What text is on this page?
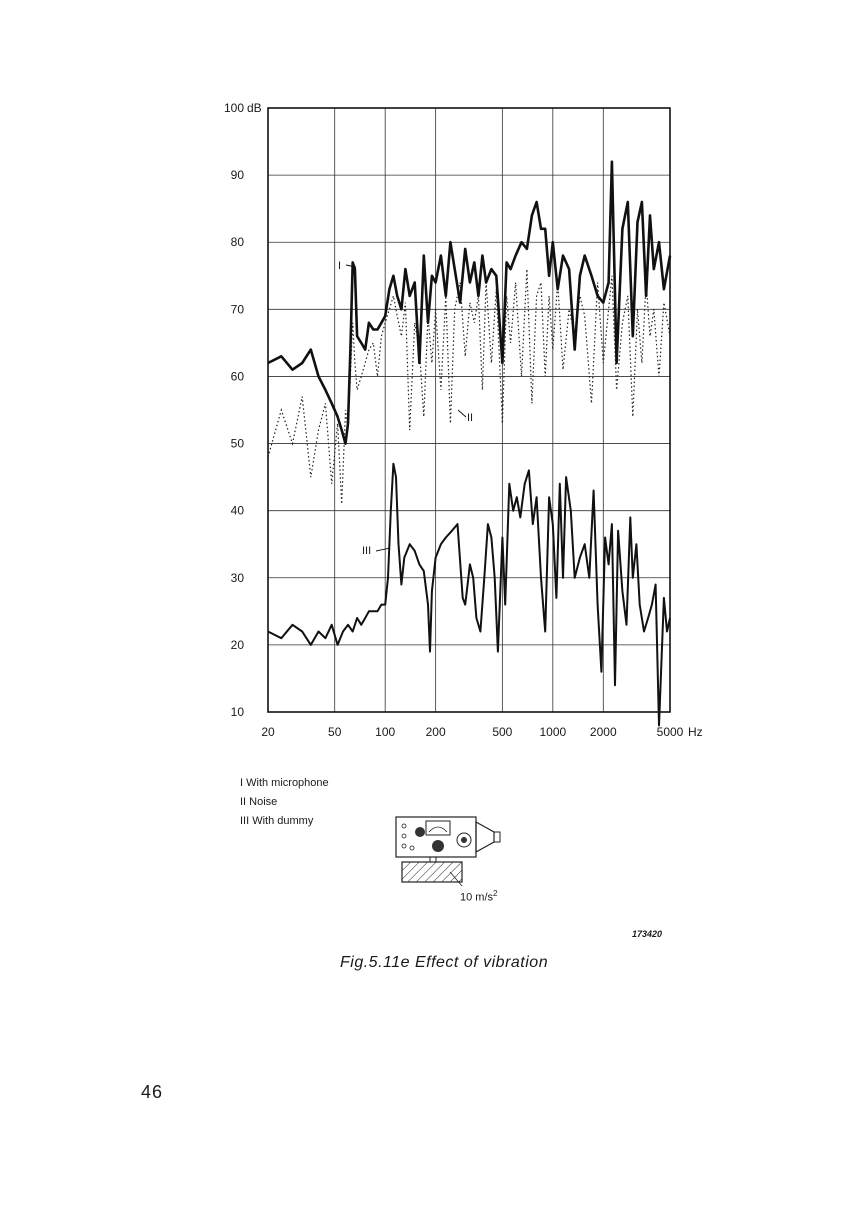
20	50	100	200	500 1000 2000	5000
10
20
30
40
50
60
70
80
90
100 dB
Hz
I
II
III
I With microphone
II Noise
III With dummy
10 $m/s^2$
173420
Fig.5.11e Effect of vibration
46
